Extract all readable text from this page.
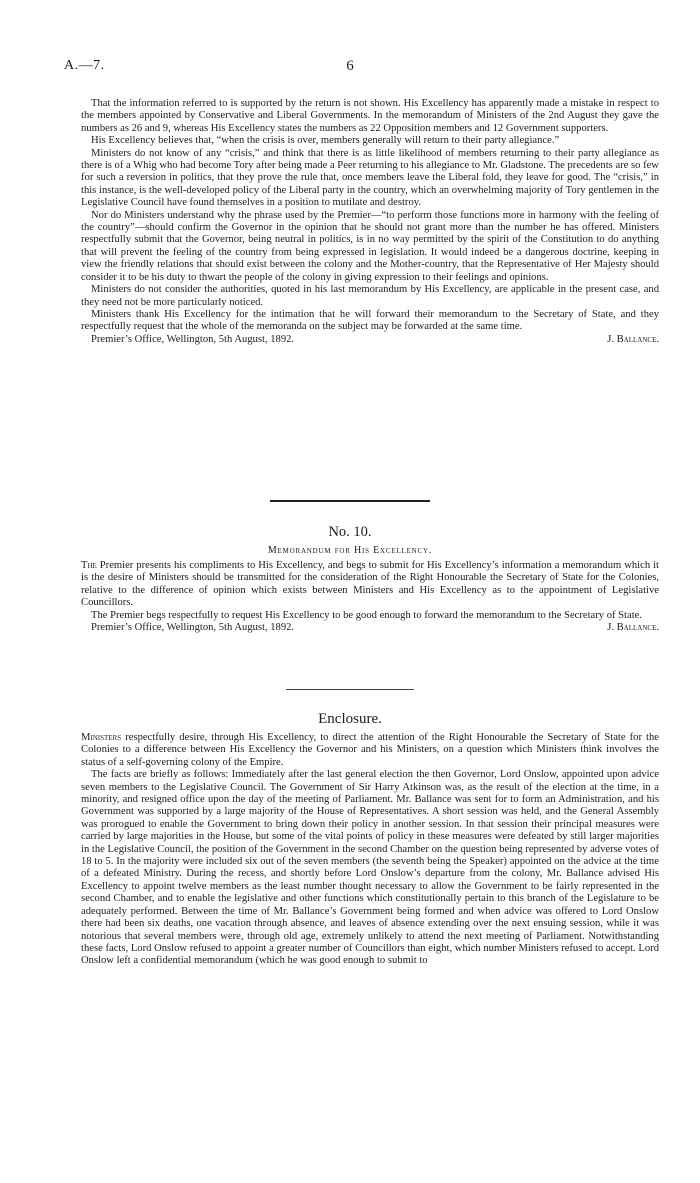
A.—7.	6

That the information referred to is supported by the return is not shown. His Excellency has apparently made a mistake in respect to the members appointed by Conservative and Liberal Governments. In the memorandum of Ministers of the 2nd August they gave the numbers as 26 and 9, whereas His Excellency states the numbers as 22 Opposition members and 12 Government supporters.

His Excellency believes that, “when the crisis is over, members generally will return to their party allegiance.”

Ministers do not know of any “crisis,” and think that there is as little likelihood of members returning to their party allegiance as there is of a Whig who had become Tory after being made a Peer returning to his allegiance to Mr. Gladstone. The precedents are so few for such a reversion in politics, that they prove the rule that, once members leave the Liberal fold, they leave for good. The “crisis,” in this instance, is the well-developed policy of the Liberal party in the country, which an overwhelming majority of Tory gentlemen in the Legislative Council have found themselves in a position to mutilate and destroy.

Nor do Ministers understand why the phrase used by the Premier—“to perform those functions more in harmony with the feeling of the country”—should confirm the Governor in the opinion that he should not grant more than the number he has offered. Ministers respectfully submit that the Governor, being neutral in politics, is in no way permitted by the spirit of the Constitution to do anything that will prevent the feeling of the country from being expressed in legislation. It would indeed be a dangerous doctrine, keeping in view the friendly relations that should exist between the colony and the Mother-country, that the Representative of Her Majesty should consider it to be his duty to thwart the people of the colony in giving expression to their feelings and opinions.

Ministers do not consider the authorities, quoted in his last memorandum by His Excellency, are applicable in the present case, and they need not be more particularly noticed.

Ministers thank His Excellency for the intimation that he will forward their memorandum to the Secretary of State, and they respectfully request that the whole of the memoranda on the subject may be forwarded at the same time.

Premier’s Office, Wellington, 5th August, 1892.	J. Ballance.
No. 10.
Memorandum for His Excellency.

The Premier presents his compliments to His Excellency, and begs to submit for His Excellency’s information a memorandum which it is the desire of Ministers should be transmitted for the consideration of the Right Honourable the Secretary of State for the Colonies, relative to the difference of opinion which exists between Ministers and His Excellency as to the appointment of Legislative Councillors.

The Premier begs respectfully to request His Excellency to be good enough to forward the memorandum to the Secretary of State.

Premier’s Office, Wellington, 5th August, 1892.	J. Ballance.
Enclosure.

Ministers respectfully desire, through His Excellency, to direct the attention of the Right Honourable the Secretary of State for the Colonies to a difference between His Excellency the Governor and his Ministers, on a question which Ministers think involves the status of a self-governing colony of the Empire.

The facts are briefly as follows: Immediately after the last general election the then Governor, Lord Onslow, appointed upon advice seven members to the Legislative Council. The Government of Sir Harry Atkinson was, as the result of the election at the time, in a minority, and resigned office upon the day of the meeting of Parliament. Mr. Ballance was sent for to form an Administration, and his Government was supported by a large majority of the House of Representatives. A short session was held, and the General Assembly was prorogued to enable the Government to bring down their policy in another session. In that session their principal measures were carried by large majorities in the House, but some of the vital points of policy in these measures were defeated by still larger majorities in the Legislative Council, the position of the Government in the second Chamber on the question being represented by adverse votes of 18 to 5. In the majority were included six out of the seven members (the seventh being the Speaker) appointed on the advice at the time of a defeated Ministry. During the recess, and shortly before Lord Onslow’s departure from the colony, Mr. Ballance advised His Excellency to appoint twelve members as the least number thought necessary to allow the Government to be fairly represented in the second Chamber, and to enable the legislative and other functions which constitutionally pertain to this branch of the Legislature to be adequately performed. Between the time of Mr. Ballance’s Government being formed and when advice was offered to Lord Onslow there had been six deaths, one vacation through absence, and leaves of absence extending over the next ensuing session, while it was notorious that several members were, through old age, extremely unlikely to attend the next meeting of Parliament. Notwithstanding these facts, Lord Onslow refused to appoint a greater number of Councillors than eight, which number Ministers refused to accept. Lord Onslow left a confidential memorandum (which he was good enough to submit to
